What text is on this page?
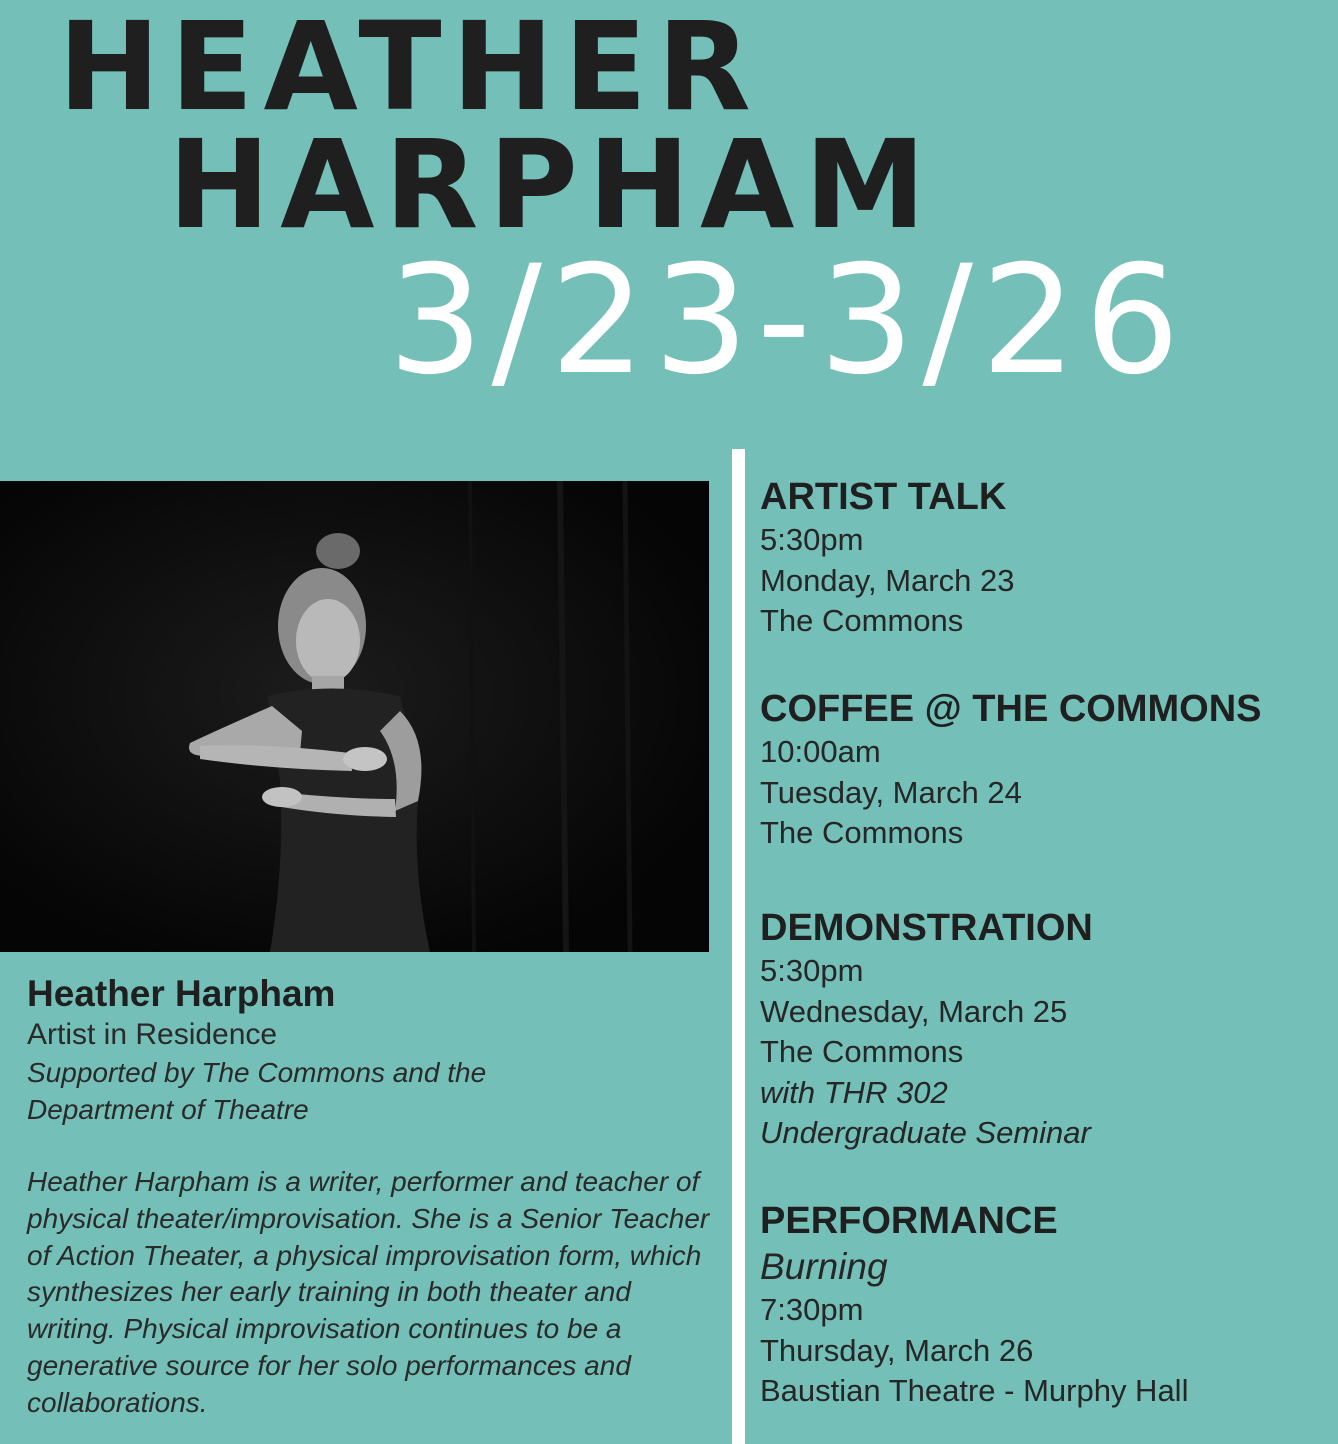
HEATHER
HARPHAM
3/23-3/26

Heather Harpham

Artist in Residence

Supported by The Commons and the Department of Theatre

Heather Harpham is a writer, performer and teacher of physical theater/improvisation. She is a Senior Teacher of Action Theater, a physical improvisation form, which synthesizes her early training in both theater and writing. Physical improvisation continues to be a generative source for her solo performances and collaborations.

ARTIST TALK

5:30pm

Monday, March 23

The Commons

COFFEE @ THE COMMONS

10:00am

Tuesday, March 24

The Commons

DEMONSTRATION

5:30pm

Wednesday, March 25

The Commons

with THR 302

Undergraduate Seminar

PERFORMANCE

Burning

7:30pm

Thursday, March 26

Baustian Theatre - Murphy Hall
